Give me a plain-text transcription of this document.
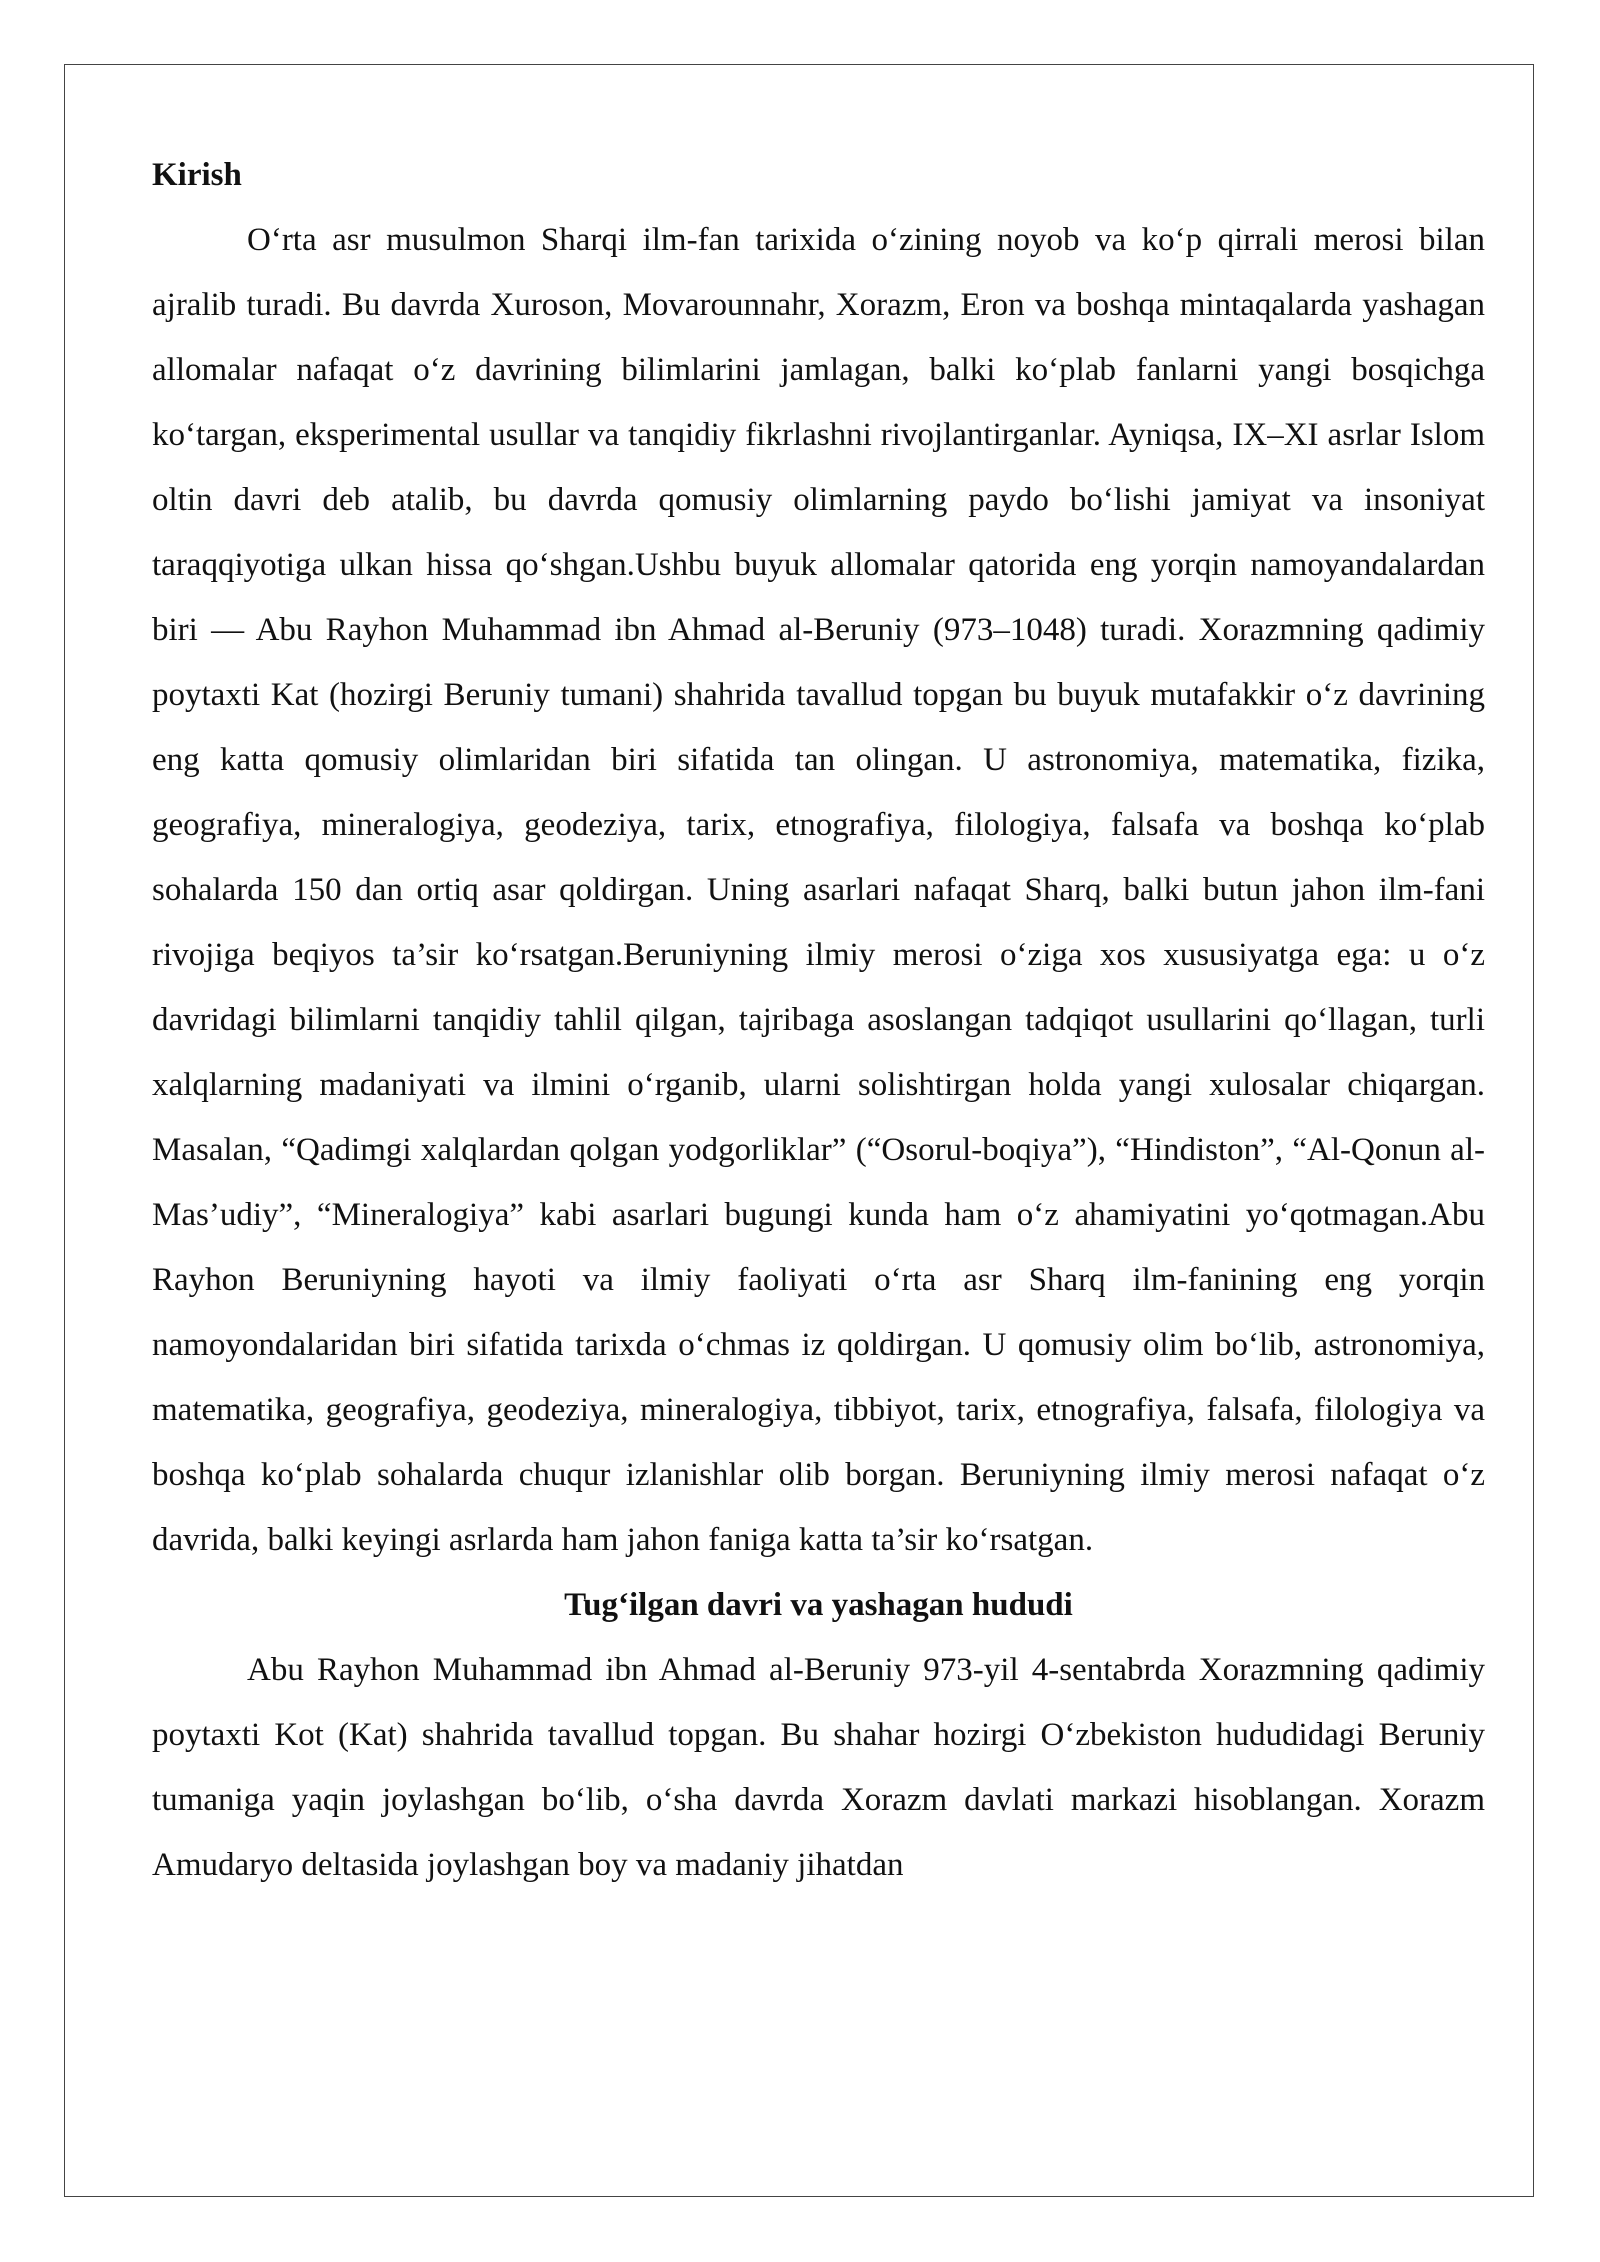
Kirish

O‘rta asr musulmon Sharqi ilm-fan tarixida o‘zining noyob va ko‘p qirrali merosi bilan ajralib turadi. Bu davrda Xuroson, Movarounnahr, Xorazm, Eron va boshqa mintaqalarda yashagan allomalar nafaqat o‘z davrining bilimlarini jamlagan, balki ko‘plab fanlarni yangi bosqichga ko‘targan, eksperimental usullar va tanqidiy fikrlashni rivojlantirganlar. Ayniqsa, IX–XI asrlar Islom oltin davri deb atalib, bu davrda qomusiy olimlarning paydo bo‘lishi jamiyat va insoniyat taraqqiyotiga ulkan hissa qo‘shgan.Ushbu buyuk allomalar qatorida eng yorqin namoyandalardan biri — Abu Rayhon Muhammad ibn Ahmad al-Beruniy (973–1048) turadi. Xorazmning qadimiy poytaxti Kat (hozirgi Beruniy tumani) shahrida tavallud topgan bu buyuk mutafakkir o‘z davrining eng katta qomusiy olimlaridan biri sifatida tan olingan. U astronomiya, matematika, fizika, geografiya, mineralogiya, geodeziya, tarix, etnografiya, filologiya, falsafa va boshqa ko‘plab sohalarda 150 dan ortiq asar qoldirgan. Uning asarlari nafaqat Sharq, balki butun jahon ilm-fani rivojiga beqiyos ta’sir ko‘rsatgan.Beruniyning ilmiy merosi o‘ziga xos xususiyatga ega: u o‘z davridagi bilimlarni tanqidiy tahlil qilgan, tajribaga asoslangan tadqiqot usullarini qo‘llagan, turli xalqlarning madaniyati va ilmini o‘rganib, ularni solishtirgan holda yangi xulosalar chiqargan. Masalan, “Qadimgi xalqlardan qolgan yodgorliklar” (“Osorul-boqiya”), “Hindiston”, “Al-Qonun al-Mas’udiy”, “Mineralogiya” kabi asarlari bugungi kunda ham o‘z ahamiyatini yo‘qotmagan.Abu Rayhon Beruniyning hayoti va ilmiy faoliyati o‘rta asr Sharq ilm-fanining eng yorqin namoyondalaridan biri sifatida tarixda o‘chmas iz qoldirgan. U qomusiy olim bo‘lib, astronomiya, matematika, geografiya, geodeziya, mineralogiya, tibbiyot, tarix, etnografiya, falsafa, filologiya va boshqa ko‘plab sohalarda chuqur izlanishlar olib borgan. Beruniyning ilmiy merosi nafaqat o‘z davrida, balki keyingi asrlarda ham jahon faniga katta ta’sir ko‘rsatgan.

Tug‘ilgan davri va yashagan hududi

Abu Rayhon Muhammad ibn Ahmad al-Beruniy 973-yil 4-sentabrda Xorazmning qadimiy poytaxti Kot (Kat) shahrida tavallud topgan. Bu shahar hozirgi O‘zbekiston hududidagi Beruniy tumaniga yaqin joylashgan bo‘lib, o‘sha davrda Xorazm davlati markazi hisoblangan. Xorazm Amudaryo deltasida joylashgan boy va madaniy jihatdan
